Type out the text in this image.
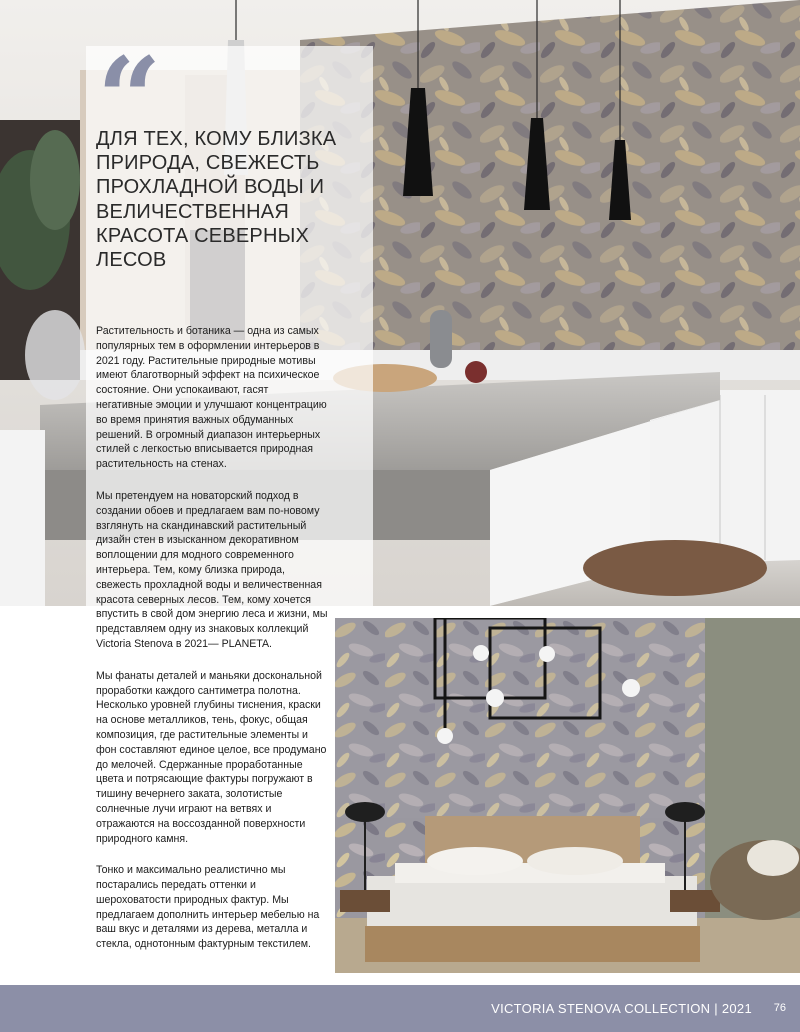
“
ДЛЯ ТЕХ, КОМУ БЛИЗКА ПРИРОДА, СВЕЖЕСТЬ ПРОХЛАДНОЙ ВОДЫ И ВЕЛИЧЕСТВЕННАЯ КРАСОТА СЕВЕРНЫХ ЛЕСОВ

Растительность и ботаника — одна из самых популярных тем в оформлении интерьеров в 2021 году. Растительные природные мотивы имеют благотворный эффект на психическое состояние. Они успокаивают, гасят негативные эмоции и улучшают концентрацию во время принятия важных обдуманных решений. В огромный диапазон интерьерных стилей с легкостью вписывается природная растительность на стенах.

Мы претендуем на новаторский подход в создании обоев и предлагаем вам по-новому взглянуть на скандинавский растительный дизайн стен в изысканном декоративном воплощении для модного современного интерьера. Тем, кому близка природа, свежесть прохладной воды и величественная красота северных лесов. Тем, кому хочется впустить в свой дом энергию леса и жизни, мы представляем одну из знаковых коллекций Victoria Stenova в 2021— PLANETA.

Мы фанаты деталей и маньяки доскональной проработки каждого сантиметра полотна. Несколько уровней глубины тиснения, краски на основе металликов, тень, фокус, общая композиция, где растительные элементы и фон составляют единое целое, все продумано до мелочей. Сдержанные проработанные цвета и потрясающие фактуры погружают в тишину вечернего заката, золотистые солнечные лучи играют на ветвях и отражаются на воссозданной поверхности природного камня.

Тонко и максимально реалистично мы постарались передать оттенки и шероховатости природных фактур. Мы предлагаем дополнить интерьер мебелью на ваш вкус и деталями из дерева, металла и стекла, однотонным фактурным текстилем.

VICTORIA STENOVA COLLECTION | 2021 76
